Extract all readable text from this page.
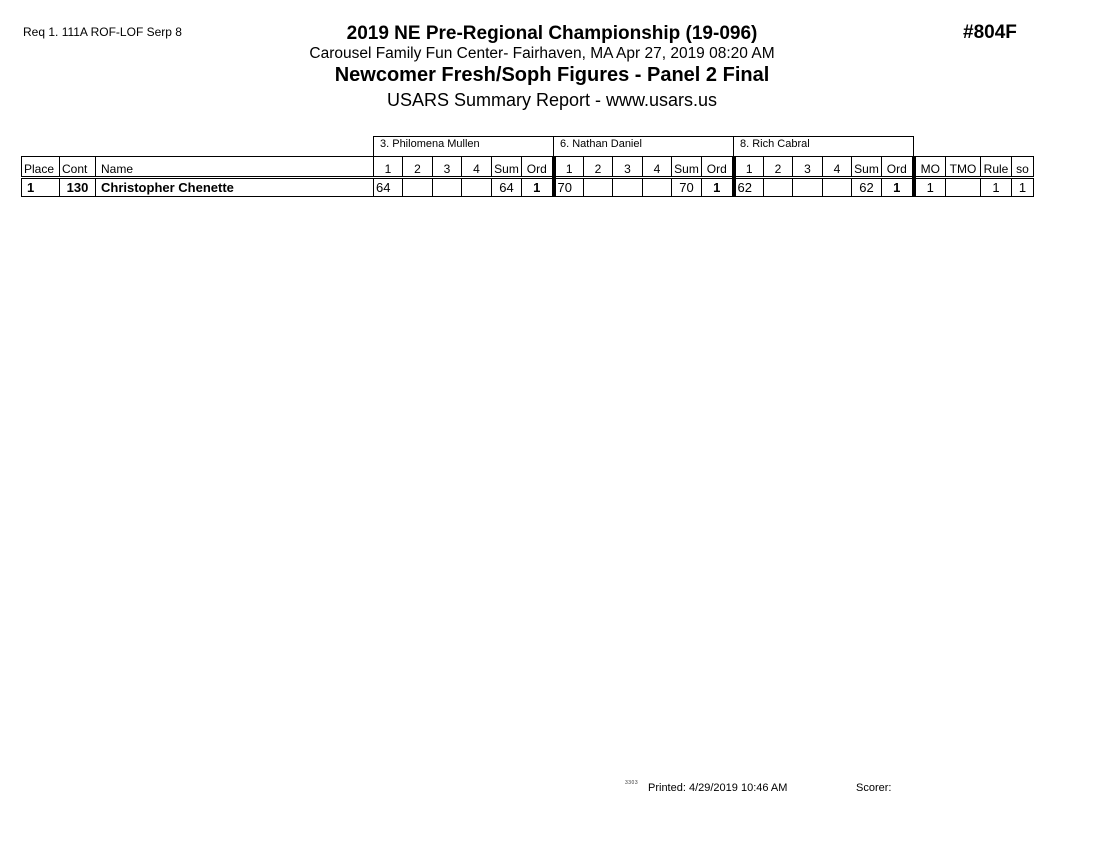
Req 1. 111A ROF-LOF Serp 8	#804F
2019 NE Pre-Regional Championship (19-096)
Carousel Family Fun Center- Fairhaven, MA Apr 27, 2019 08:20 AM
Newcomer Fresh/Soph Figures - Panel 2 Final
USARS Summary Report - www.usars.us
3. Philomena Mullen	6. Nathan Daniel	8. Rich Cabral
Place	Cont	Name	1	2	3	4	Sum	Ord	1	2	3	4	Sum	Ord	1	2	3	4	Sum	Ord	MO	TMO	Rule	so
1	130	Christopher Chenette	64				64	1	70				70	1	62				62	1	1		1	1
3303 Printed: 4/29/2019 10:46 AM	Scorer:
